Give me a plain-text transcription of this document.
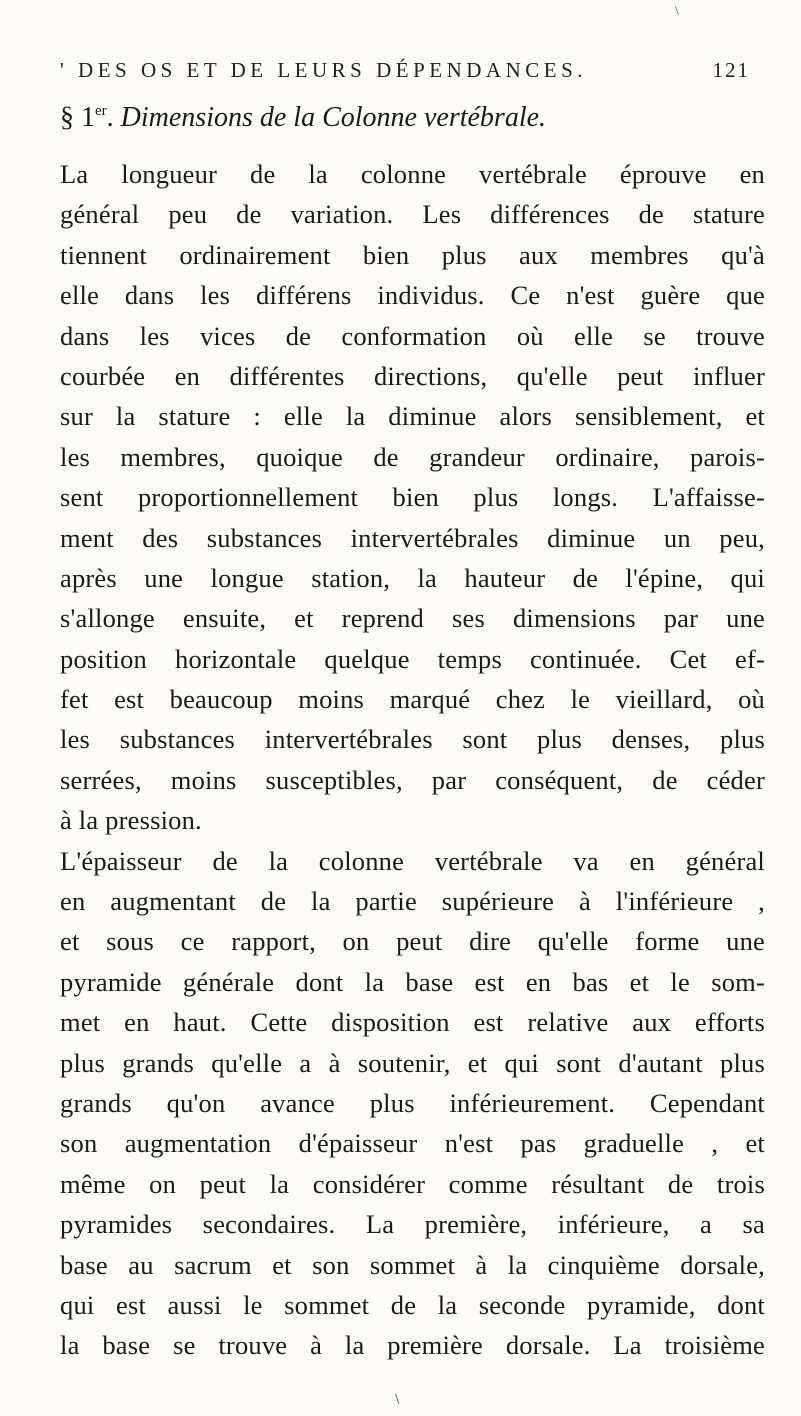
\
' DES OS ET DE LEURS DÉPENDANCES.	121
§ 1er. Dimensions de la Colonne vertébrale.
La longueur de la colonne vertébrale éprouve en
général peu de variation. Les différences de stature
tiennent ordinairement bien plus aux membres qu'à
elle dans les différens individus. Ce n'est guère que
dans les vices de conformation où elle se trouve
courbée en différentes directions, qu'elle peut influer
sur la stature : elle la diminue alors sensiblement, et
les membres, quoique de grandeur ordinaire, parois-
sent proportionnellement bien plus longs. L'affaisse-
ment des substances intervertébrales diminue un peu,
après une longue station, la hauteur de l'épine, qui
s'allonge ensuite, et reprend ses dimensions par une
position horizontale quelque temps continuée. Cet ef-
fet est beaucoup moins marqué chez le vieillard, où
les substances intervertébrales sont plus denses, plus
serrées, moins susceptibles, par conséquent, de céder
à la pression.
L'épaisseur de la colonne vertébrale va en général
en augmentant de la partie supérieure à l'inférieure ,
et sous ce rapport, on peut dire qu'elle forme une
pyramide générale dont la base est en bas et le som-
met en haut. Cette disposition est relative aux efforts
plus grands qu'elle a à soutenir, et qui sont d'autant plus
grands qu'on avance plus inférieurement. Cependant
son augmentation d'épaisseur n'est pas graduelle , et
même on peut la considérer comme résultant de trois
pyramides secondaires. La première, inférieure, a sa
base au sacrum et son sommet à la cinquième dorsale,
qui est aussi le sommet de la seconde pyramide, dont
la base se trouve à la première dorsale. La troisième
\
